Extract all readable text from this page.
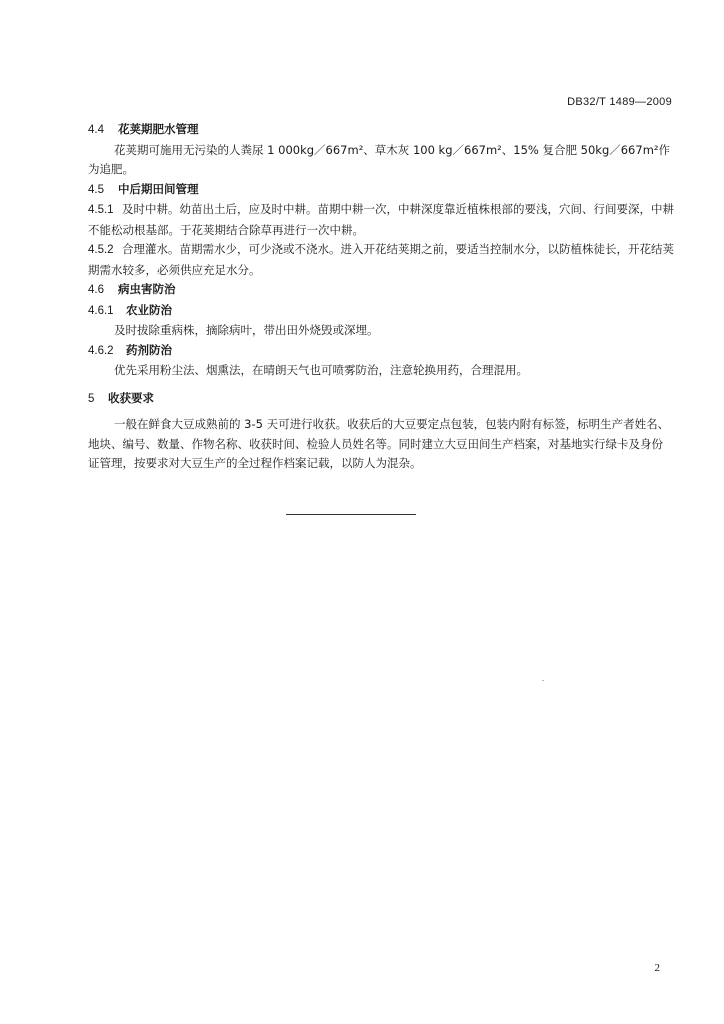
DB32/T 1489—2009

4.4 花荚期肥水管理

花荚期可施用无污染的人粪尿 1 000kg／667m²、草木灰 100 kg／667m²、15% 复合肥 50kg／667m²作为追肥。

4.5 中后期田间管理

4.5.1 及时中耕。幼苗出土后，应及时中耕。苗期中耕一次，中耕深度靠近植株根部的要浅，穴间、行间要深，中耕不能松动根基部。于花荚期结合除草再进行一次中耕。

4.5.2 合理灌水。苗期需水少，可少浇或不浇水。进入开花结荚期之前，要适当控制水分，以防植株徒长，开花结荚期需水较多，必须供应充足水分。

4.6 病虫害防治

4.6.1 农业防治

及时拔除重病株，摘除病叶，带出田外烧毁或深埋。

4.6.2 药剂防治

优先采用粉尘法、烟熏法，在晴朗天气也可喷雾防治，注意轮换用药，合理混用。

5 收获要求

一般在鲜食大豆成熟前的 3-5 天可进行收获。收获后的大豆要定点包装，包装内附有标签，标明生产者姓名、地块、编号、数量、作物名称、收获时间、检验人员姓名等。同时建立大豆田间生产档案，对基地实行绿卡及身份证管理，按要求对大豆生产的全过程作档案记载，以防人为混杂。

2
